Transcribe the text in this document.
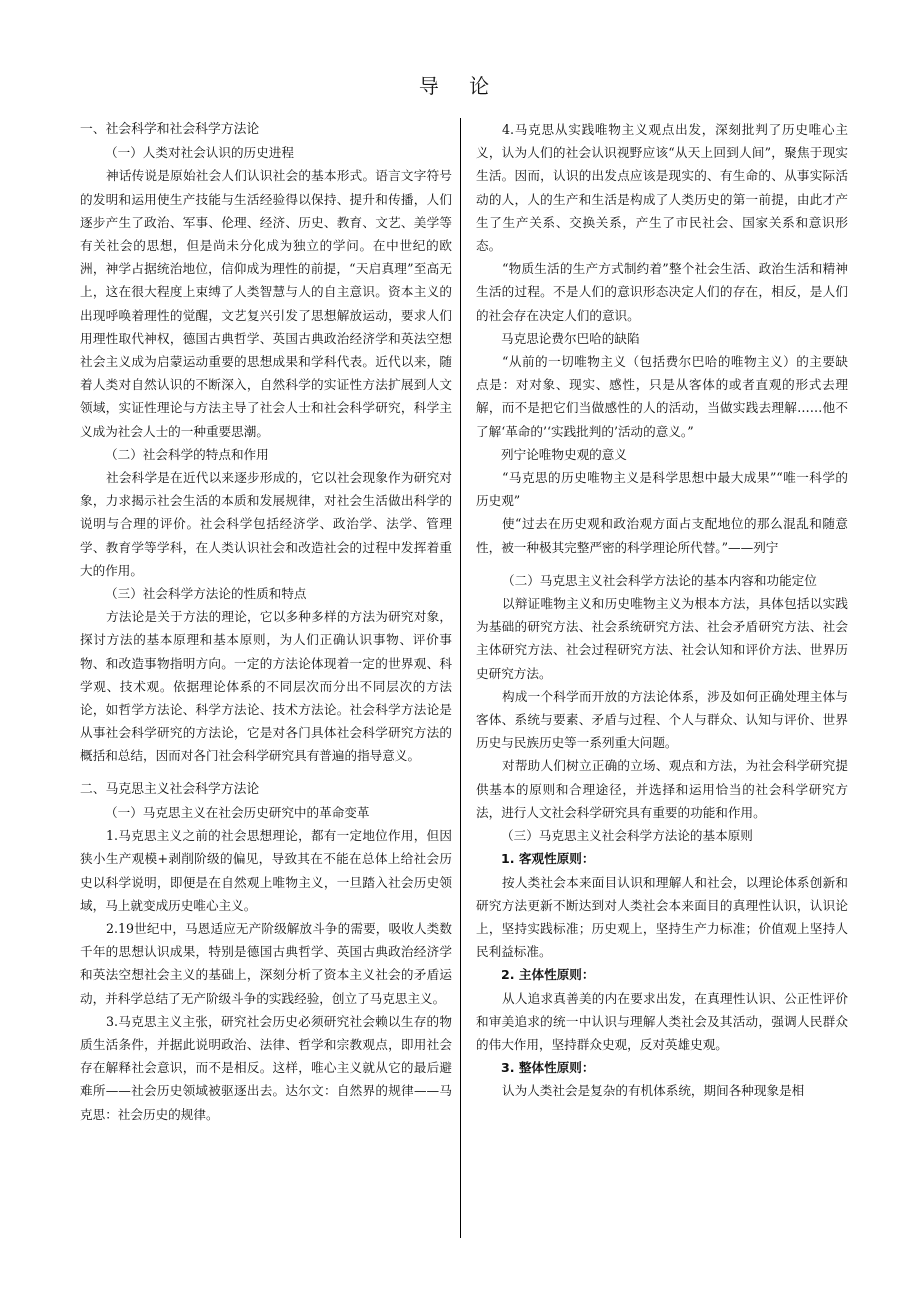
导 论

一、社会科学和社会科学方法论

（一）人类对社会认识的历史进程

神话传说是原始社会人们认识社会的基本形式。语言文字符号的发明和运用使生产技能与生活经验得以保持、提升和传播，人们逐步产生了政治、军事、伦理、经济、历史、教育、文艺、美学等有关社会的思想，但是尚未分化成为独立的学问。在中世纪的欧洲，神学占据统治地位，信仰成为理性的前提，“天启真理”至高无上，这在很大程度上束缚了人类智慧与人的自主意识。资本主义的出现呼唤着理性的觉醒，文艺复兴引发了思想解放运动，要求人们用理性取代神权，德国古典哲学、英国古典政治经济学和英法空想社会主义成为启蒙运动重要的思想成果和学科代表。近代以来，随着人类对自然认识的不断深入，自然科学的实证性方法扩展到人文领域，实证性理论与方法主导了社会人士和社会科学研究，科学主义成为社会人士的一种重要思潮。

（二）社会科学的特点和作用

社会科学是在近代以来逐步形成的，它以社会现象作为研究对象，力求揭示社会生活的本质和发展规律，对社会生活做出科学的说明与合理的评价。社会科学包括经济学、政治学、法学、管理学、教育学等学科，在人类认识社会和改造社会的过程中发挥着重大的作用。

（三）社会科学方法论的性质和特点

方法论是关于方法的理论，它以多种多样的方法为研究对象，探讨方法的基本原理和基本原则，为人们正确认识事物、评价事物、和改造事物指明方向。一定的方法论体现着一定的世界观、科学观、技术观。依据理论体系的不同层次而分出不同层次的方法论，如哲学方法论、科学方法论、技术方法论。社会科学方法论是从事社会科学研究的方法论，它是对各门具体社会科学研究方法的概括和总结，因而对各门社会科学研究具有普遍的指导意义。

二、马克思主义社会科学方法论

（一）马克思主义在社会历史研究中的革命变革

1.马克思主义之前的社会思想理论，都有一定地位作用，但因狭小生产观模+剥削阶级的偏见，导致其在不能在总体上给社会历史以科学说明，即便是在自然观上唯物主义，一旦踏入社会历史领域，马上就变成历史唯心主义。

2.19世纪中，马恩适应无产阶级解放斗争的需要，吸收人类数千年的思想认识成果，特别是德国古典哲学、英国古典政治经济学和英法空想社会主义的基础上，深刻分析了资本主义社会的矛盾运动，并科学总结了无产阶级斗争的实践经验，创立了马克思主义。

3.马克思主义主张，研究社会历史必须研究社会赖以生存的物质生活条件，并据此说明政治、法律、哲学和宗教观点，即用社会存在解释社会意识，而不是相反。这样，唯心主义就从它的最后避难所——社会历史领域被驱逐出去。达尔文：自然界的规律——马克思：社会历史的规律。

4.马克思从实践唯物主义观点出发，深刻批判了历史唯心主义，认为人们的社会认识视野应该“从天上回到人间”，聚焦于现实生活。因而，认识的出发点应该是现实的、有生命的、从事实际活动的人，人的生产和生活是构成了人类历史的第一前提，由此才产生了生产关系、交换关系，产生了市民社会、国家关系和意识形态。

“物质生活的生产方式制约着”整个社会生活、政治生活和精神生活的过程。不是人们的意识形态决定人们的存在，相反，是人们的社会存在决定人们的意识。

马克思论费尔巴哈的缺陷

“从前的一切唯物主义（包括费尔巴哈的唯物主义）的主要缺点是：对对象、现实、感性，只是从客体的或者直观的形式去理解，而不是把它们当做感性的人的活动，当做实践去理解……他不了解‘革命的’‘实践批判的’活动的意义。”

列宁论唯物史观的意义

“马克思的历史唯物主义是科学思想中最大成果”“唯一科学的历史观”

使“过去在历史观和政治观方面占支配地位的那么混乱和随意性，被一种极其完整严密的科学理论所代替。”——列宁

（二）马克思主义社会科学方法论的基本内容和功能定位

以辩证唯物主义和历史唯物主义为根本方法，具体包括以实践为基础的研究方法、社会系统研究方法、社会矛盾研究方法、社会主体研究方法、社会过程研究方法、社会认知和评价方法、世界历史研究方法。

构成一个科学而开放的方法论体系，涉及如何正确处理主体与客体、系统与要素、矛盾与过程、个人与群众、认知与评价、世界历史与民族历史等一系列重大问题。

对帮助人们树立正确的立场、观点和方法，为社会科学研究提供基本的原则和合理途径，并选择和运用恰当的社会科学研究方法，进行人文社会科学研究具有重要的功能和作用。

（三）马克思主义社会科学方法论的基本原则

1. 客观性原则：

按人类社会本来面目认识和理解人和社会，以理论体系创新和研究方法更新不断达到对人类社会本来面目的真理性认识，认识论上，坚持实践标准；历史观上，坚持生产力标准；价值观上坚持人民利益标准。

2. 主体性原则：

从人追求真善美的内在要求出发，在真理性认识、公正性评价和审美追求的统一中认识与理解人类社会及其活动，强调人民群众的伟大作用，坚持群众史观，反对英雄史观。

3. 整体性原则：

认为人类社会是复杂的有机体系统，期间各种现象是相
